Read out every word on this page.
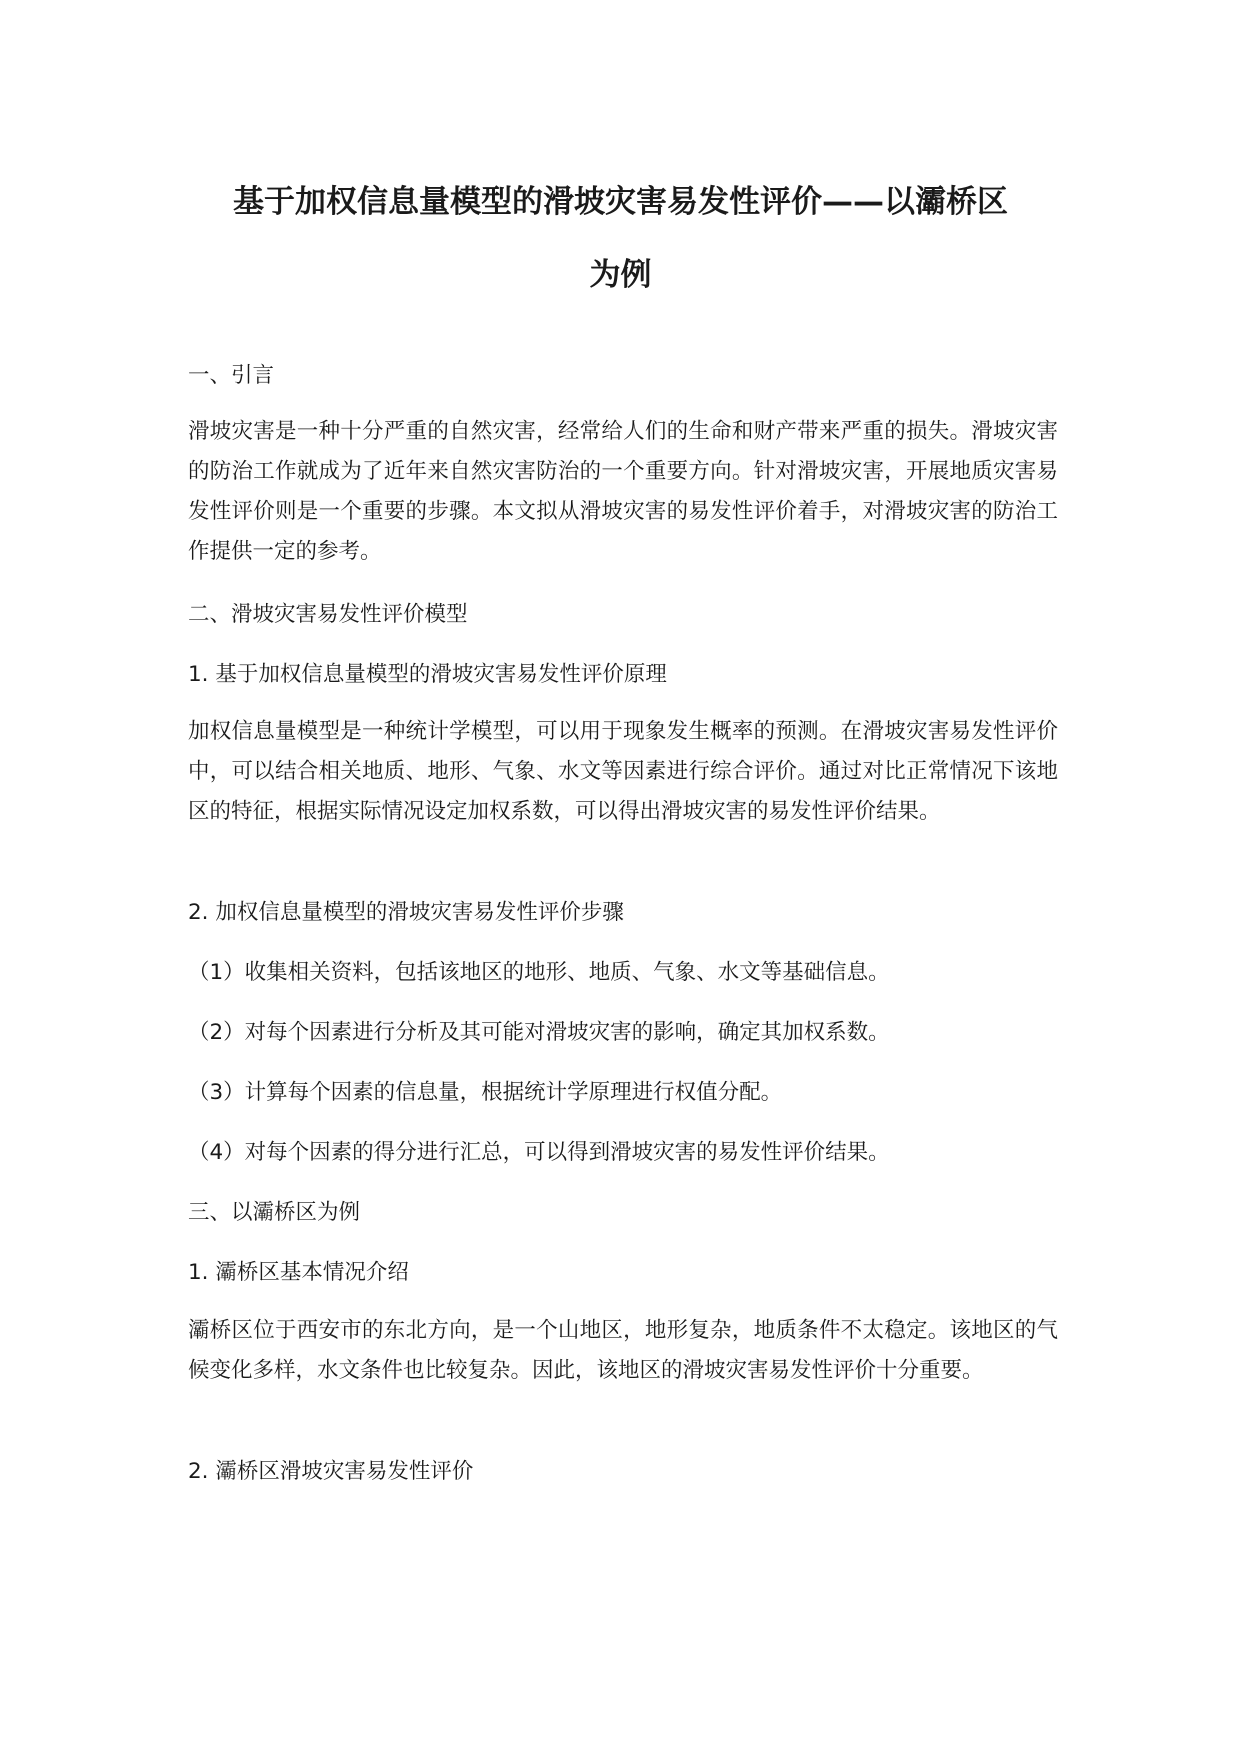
基于加权信息量模型的滑坡灾害易发性评价——以灞桥区
为例

一、引言

滑坡灾害是一种十分严重的自然灾害，经常给人们的生命和财产带来严重的损失。滑坡灾害的防治工作就成为了近年来自然灾害防治的一个重要方向。针对滑坡灾害，开展地质灾害易发性评价则是一个重要的步骤。本文拟从滑坡灾害的易发性评价着手，对滑坡灾害的防治工作提供一定的参考。

二、滑坡灾害易发性评价模型

1. 基于加权信息量模型的滑坡灾害易发性评价原理

加权信息量模型是一种统计学模型，可以用于现象发生概率的预测。在滑坡灾害易发性评价中，可以结合相关地质、地形、气象、水文等因素进行综合评价。通过对比正常情况下该地区的特征，根据实际情况设定加权系数，可以得出滑坡灾害的易发性评价结果。

2. 加权信息量模型的滑坡灾害易发性评价步骤

（1）收集相关资料，包括该地区的地形、地质、气象、水文等基础信息。

（2）对每个因素进行分析及其可能对滑坡灾害的影响，确定其加权系数。

（3）计算每个因素的信息量，根据统计学原理进行权值分配。

（4）对每个因素的得分进行汇总，可以得到滑坡灾害的易发性评价结果。

三、以灞桥区为例

1. 灞桥区基本情况介绍

灞桥区位于西安市的东北方向，是一个山地区，地形复杂，地质条件不太稳定。该地区的气候变化多样，水文条件也比较复杂。因此，该地区的滑坡灾害易发性评价十分重要。

2. 灞桥区滑坡灾害易发性评价
